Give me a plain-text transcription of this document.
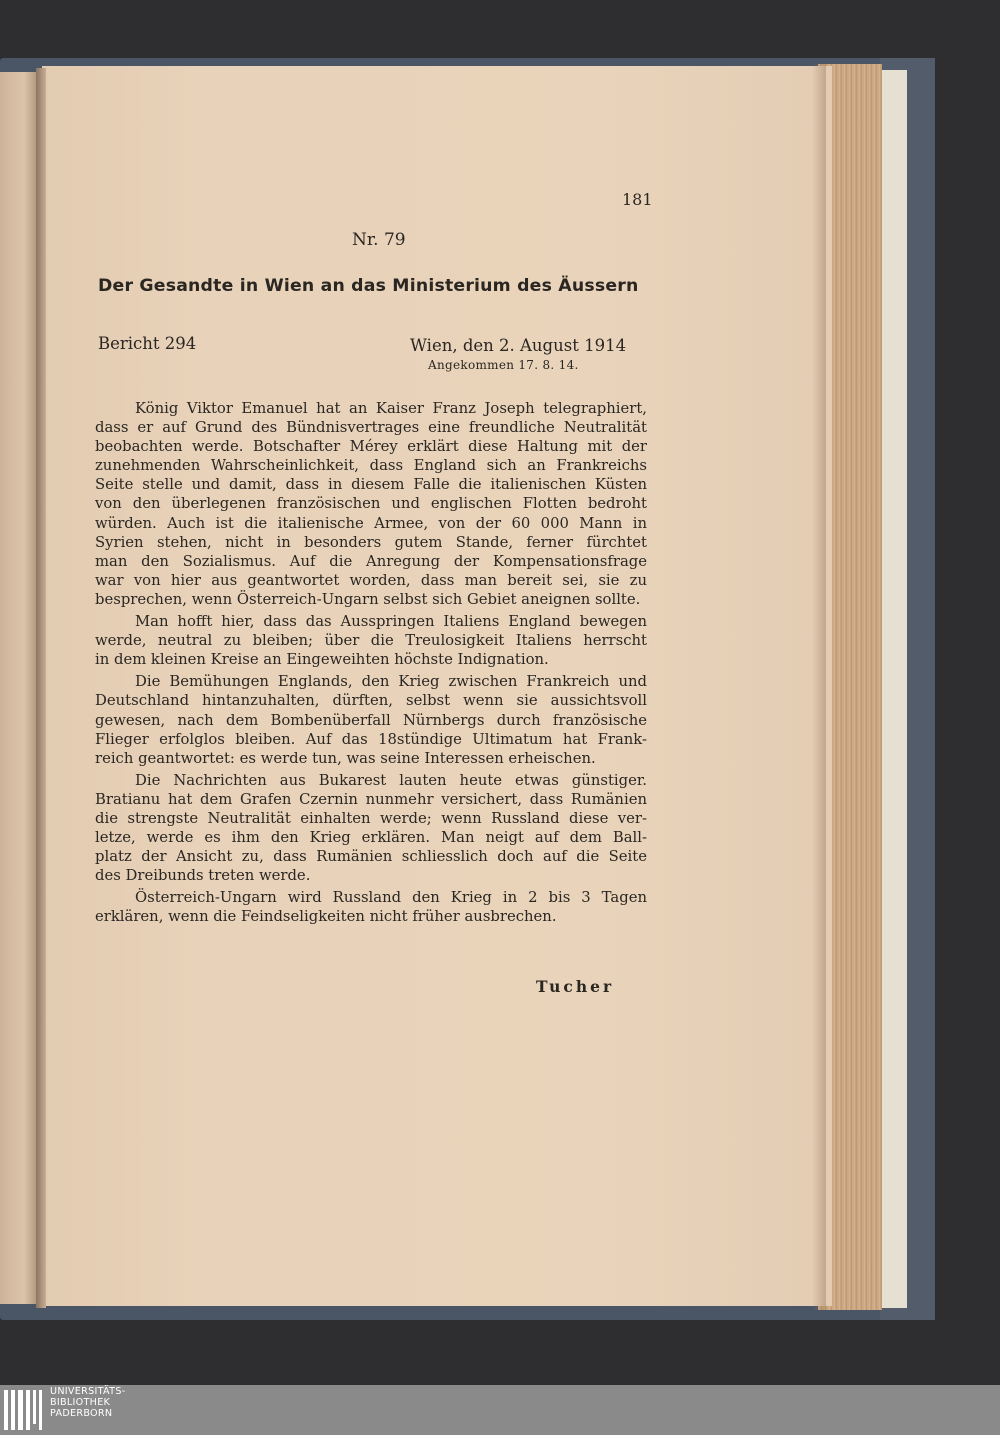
181
Nr. 79
Der Gesandte in Wien an das Ministerium des Äussern
Bericht 294	Wien, den 2. August 1914
Angekommen 17. 8. 14.
König Viktor Emanuel hat an Kaiser Franz Joseph telegraphiert,
dass er auf Grund des Bündnisvertrages eine freundliche Neutralität
beobachten werde. Botschafter Mérey erklärt diese Haltung mit der
zunehmenden Wahrscheinlichkeit, dass England sich an Frankreichs
Seite stelle und damit, dass in diesem Falle die italienischen Küsten
von den überlegenen französischen und englischen Flotten bedroht
würden. Auch ist die italienische Armee, von der 60 000 Mann in
Syrien stehen, nicht in besonders gutem Stande, ferner fürchtet
man den Sozialismus. Auf die Anregung der Kompensationsfrage
war von hier aus geantwortet worden, dass man bereit sei, sie zu
besprechen, wenn Österreich-Ungarn selbst sich Gebiet aneignen sollte.
Man hofft hier, dass das Ausspringen Italiens England bewegen
werde, neutral zu bleiben; über die Treulosigkeit Italiens herrscht
in dem kleinen Kreise an Eingeweihten höchste Indignation.
Die Bemühungen Englands, den Krieg zwischen Frankreich und
Deutschland hintanzuhalten, dürften, selbst wenn sie aussichtsvoll
gewesen, nach dem Bombenüberfall Nürnbergs durch französische
Flieger erfolglos bleiben. Auf das 18stündige Ultimatum hat Frank-
reich geantwortet: es werde tun, was seine Interessen erheischen.
Die Nachrichten aus Bukarest lauten heute etwas günstiger.
Bratianu hat dem Grafen Czernin nunmehr versichert, dass Rumänien
die strengste Neutralität einhalten werde; wenn Russland diese ver-
letze, werde es ihm den Krieg erklären. Man neigt auf dem Ball-
platz der Ansicht zu, dass Rumänien schliesslich doch auf die Seite
des Dreibunds treten werde.
Österreich-Ungarn wird Russland den Krieg in 2 bis 3 Tagen
erklären, wenn die Feindseligkeiten nicht früher ausbrechen.
Tucher
UNIVERSITÄTS-
BIBLIOTHEK
PADERBORN
